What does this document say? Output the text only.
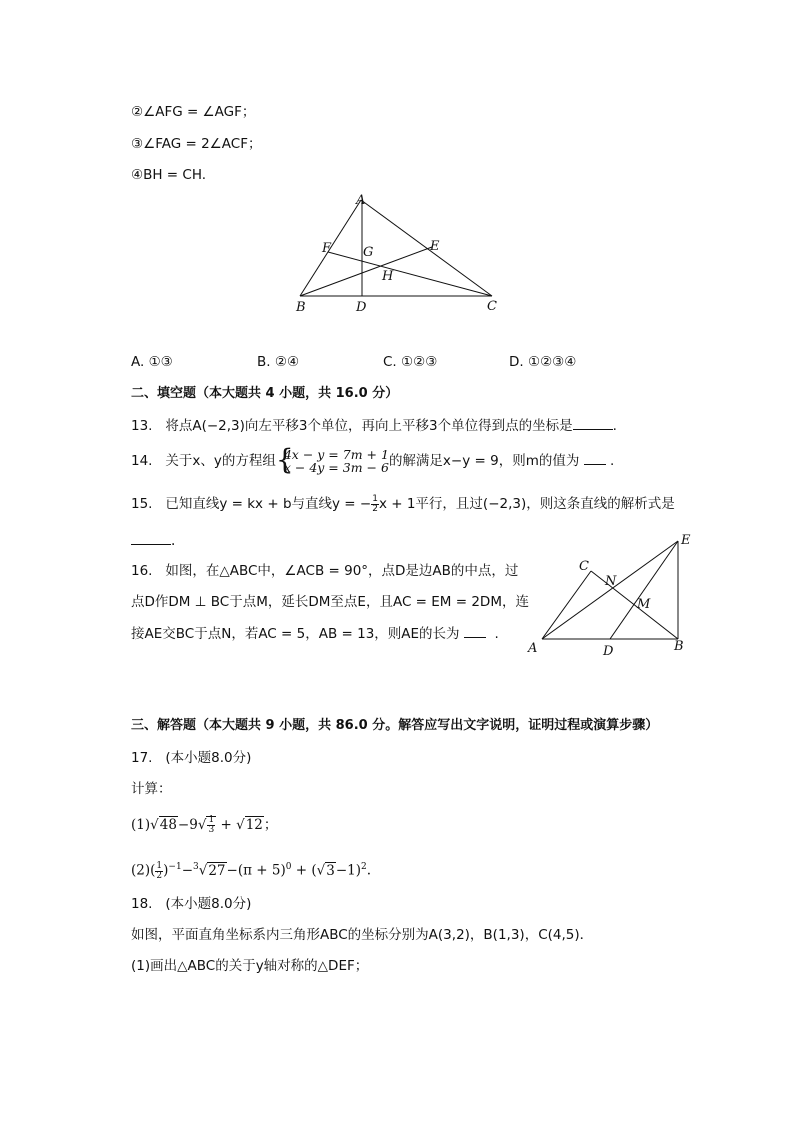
②∠AFG = ∠AGF；
③∠FAG = 2∠ACF；
④BH = CH.
A
B	C
D
E
F G
H
A. ①③	B. ②④	C. ①②③	D. ①②③④
二、填空题（本大题共 4 小题，共 16.0 分）
13. 将点A(−2,3)向左平移3个单位，再向上平移3个单位得到点的坐标是	.
14. 关于x、y的方程组 {
4x − y = 7m + 1
x − 4y = 3m − 6 的解满足x−y = 9，则m的值为 .
15. 已知直线y = kx + b与直线y = − $\frac{1}{2}$ x + 1平行，且过(−2,3)，则这条直线的解析式是
.
16. 如图，在△ABC中，∠ACB = 90°，点D是边AB的中点，过
点D作DM ⊥ BC于点M，延长DM至点E，且AC = EM = 2DM，连
接AE交BC于点N，若AC = 5，AB = 13，则AE的长为	.
A	B
C
D
E
M
N
三、解答题（本大题共 9 小题，共 86.0 分。解答应写出文字说明，证明过程或演算步骤）
17. (本小题8.0分)
计算：
$(1)√48-9√ \frac{1}{3} + √12$；
$(2)( \frac{1}{2} )^{-1}-^3√27-(\pi + 5)^0 + (√3-1)^2$.
18. (本小题8.0分)
如图，平面直角坐标系内三角形ABC的坐标分别为A(3,2)，B(1,3)，C(4,5)．
(1)画出△ABC的关于y轴对称的△DEF；
